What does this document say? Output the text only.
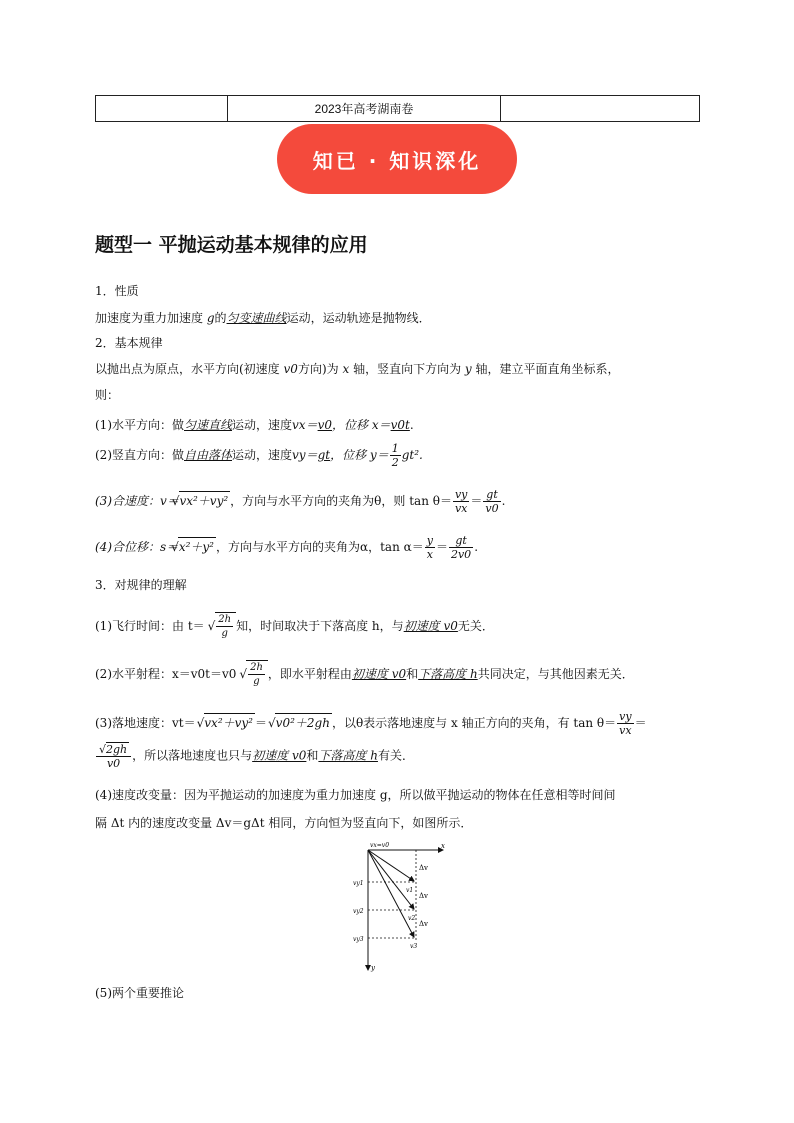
	2023年高考湖南卷	
知已 · 知识深化
题型一 平抛运动基本规律的应用
1．性质
加速度为重力加速度 g的匀变速曲线运动，运动轨迹是抛物线．
2．基本规律
以抛出点为原点，水平方向(初速度 v0方向)为 x 轴，竖直向下方向为 y 轴，建立平面直角坐标系，
则：
(1)水平方向：做匀速直线运动，速度vx＝v0，位移 x＝v0t.
(2)竖直方向：做自由落体运动，速度vy＝gt，位移 $y= \frac{1}{2} gt^2$.
(3)合速度：v＝√ vx²＋vy² ，方向与水平方向的夹角为θ，则 $\tan \theta= \frac{vy}{vx} = \frac{gt}{v0}$ .
(4)合位移：s＝√ x²＋y² ，方向与水平方向的夹角为α，$\tan \alpha= \frac{y}{x} = \frac{gt}{2v0}$ .
3．对规律的理解
(1)飞行时间：由 t＝ √ $\frac{2h}{g}$ 知，时间取决于下落高度 h，与初速度 v0无关．
(2)水平射程：x＝v0t＝v0 √ $\frac{2h}{g}$ ，即水平射程由初速度 v0和下落高度 h共同决定，与其他因素无关．
(3)落地速度：vt＝ √ vx²＋vy² ＝ √ v0²＋2gh ，以θ表示落地速度与 x 轴正方向的夹角，有 $\tan \theta= \frac{vy}{vx}$ ＝
√ $\frac{2gh}{v0}$ ，所以落地速度也只与初速度 v0和下落高度 h有关．
(4)速度改变量：因为平抛运动的加速度为重力加速度 g，所以做平抛运动的物体在任意相等时间间
隔 Δt 内的速度改变量 Δv＝gΔt 相同，方向恒为竖直向下，如图所示．
(5)两个重要推论
vx=v0	x
y
Δv
Δv
Δv
vy1
vy2
vy3
v1
v2
v3
